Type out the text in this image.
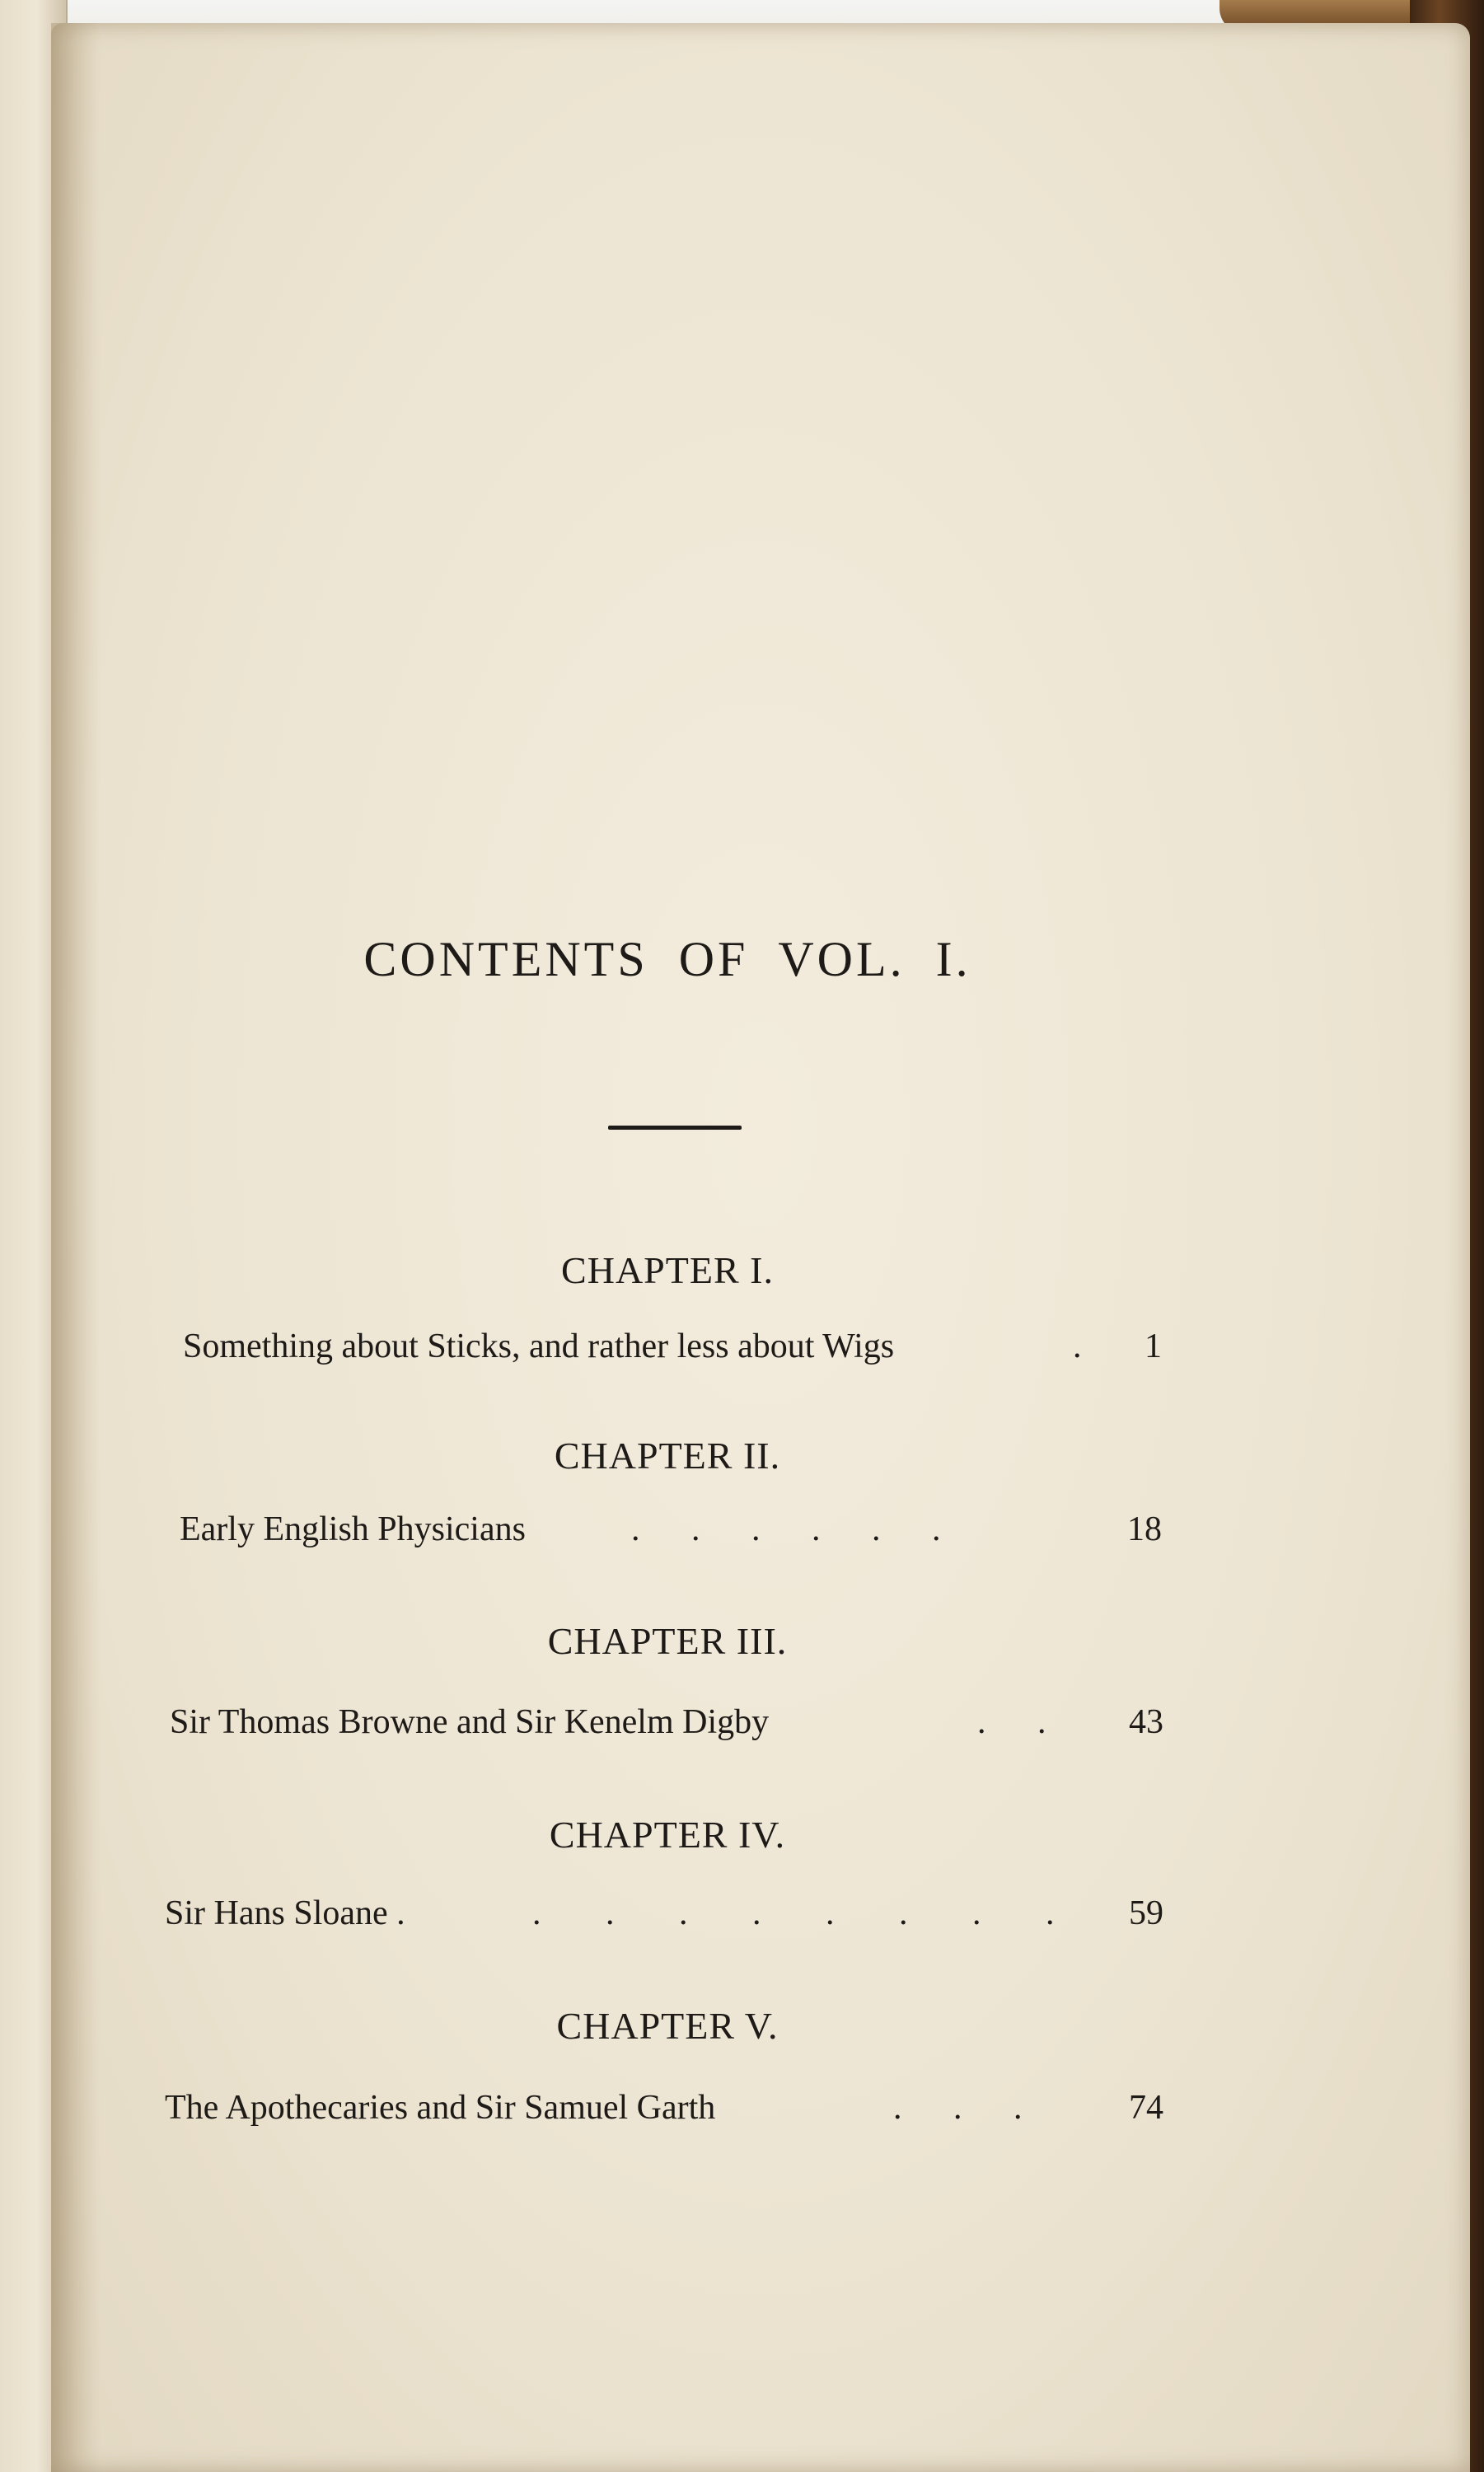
CONTENTS OF VOL. I.
CHAPTER I.
Something about Sticks, and rather less about Wigs	. 1
CHAPTER II.
Early English Physicians	. . . . . .	18
CHAPTER III.
Sir Thomas Browne and Sir Kenelm Digby	. . 43
CHAPTER IV.
Sir Hans Sloane .	. . . . . . . . 59
CHAPTER V.
The Apothecaries and Sir Samuel Garth	. . .	74
